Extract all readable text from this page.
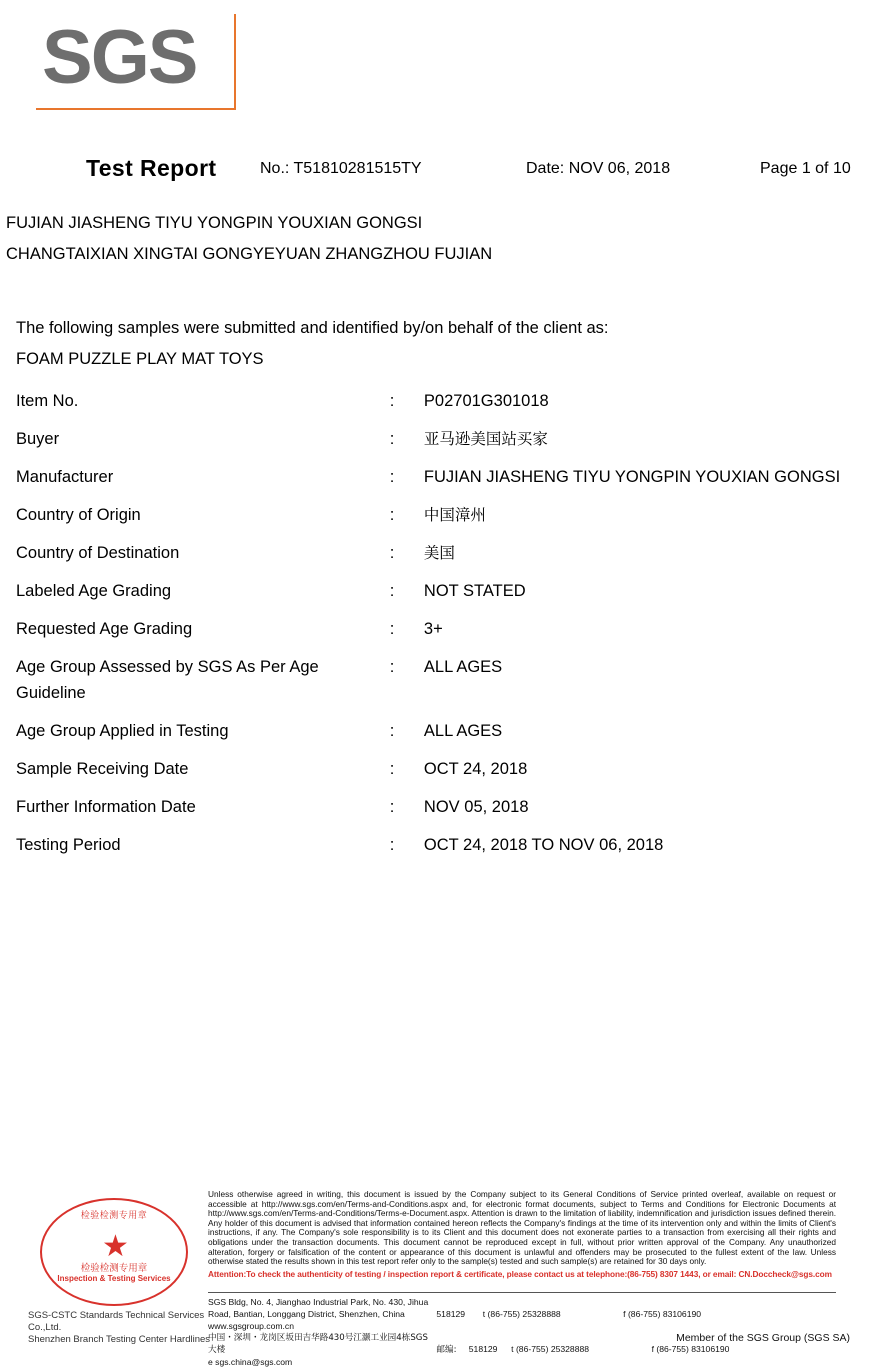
SGS
Test Report	No.: T51810281515TY	Date: NOV 06, 2018	Page 1 of 10
FUJIAN JIASHENG TIYU YONGPIN YOUXIAN GONGSI
CHANGTAIXIAN XINGTAI GONGYEYUAN ZHANGZHOU FUJIAN
The following samples were submitted and identified by/on behalf of the client as:
FOAM PUZZLE PLAY MAT TOYS
Item No.	:	P02701G301018
Buyer	:	亚马逊美国站买家
Manufacturer	:	FUJIAN JIASHENG TIYU YONGPIN YOUXIAN GONGSI
Country of Origin	:	中国漳州
Country of Destination	:	美国
Labeled Age Grading	:	NOT STATED
Requested Age Grading	:	3+
Age Group Assessed by SGS As Per Age Guideline	:	ALL AGES
Age Group Applied in Testing	:	ALL AGES
Sample Receiving Date	:	OCT 24, 2018
Further Information Date	:	NOV 05, 2018
Testing Period	:	OCT 24, 2018 TO NOV 06, 2018
检验检测专用章
★
检验检测专用章
Inspection & Testing Services
SGS-CSTC Standards Technical Services Co.,Ltd.
Shenzhen Branch Testing Center Hardlines
Unless otherwise agreed in writing, this document is issued by the Company subject to its General Conditions of Service printed overleaf, available on request or accessible at http://www.sgs.com/en/Terms-and-Conditions.aspx and, for electronic format documents, subject to Terms and Conditions for Electronic Documents at http://www.sgs.com/en/Terms-and-Conditions/Terms-e-Document.aspx. Attention is drawn to the limitation of liability, indemnification and jurisdiction issues defined therein. Any holder of this document is advised that information contained hereon reflects the Company's findings at the time of its intervention only and within the limits of Client's instructions, if any. The Company's sole responsibility is to its Client and this document does not exonerate parties to a transaction from exercising all their rights and obligations under the transaction documents. This document cannot be reproduced except in full, without prior written approval of the Company. Any unauthorized alteration, forgery or falsification of the content or appearance of this document is unlawful and offenders may be prosecuted to the fullest extent of the law. Unless otherwise stated the results shown in this test report refer only to the sample(s) tested and such sample(s) are retained for 30 days only.
Attention:To check the authenticity of testing / inspection report & certificate, please contact us at telephone:(86-755) 8307 1443, or email: CN.Doccheck@sgs.com
SGS Bldg, No. 4, Jianghao Industrial Park, No. 430, Jihua Road, Bantian, Longgang District, Shenzhen, China	518129 t (86-755) 25328888	f (86-755) 83106190 www.sgsgroup.com.cn
中国・深圳・龙岗区坂田吉华路430号江灏工业园4栋SGS大楼	邮编: 518129 t (86-755) 25328888	f (86-755) 83106190 e sgs.china@sgs.com
Member of the SGS Group (SGS SA)
